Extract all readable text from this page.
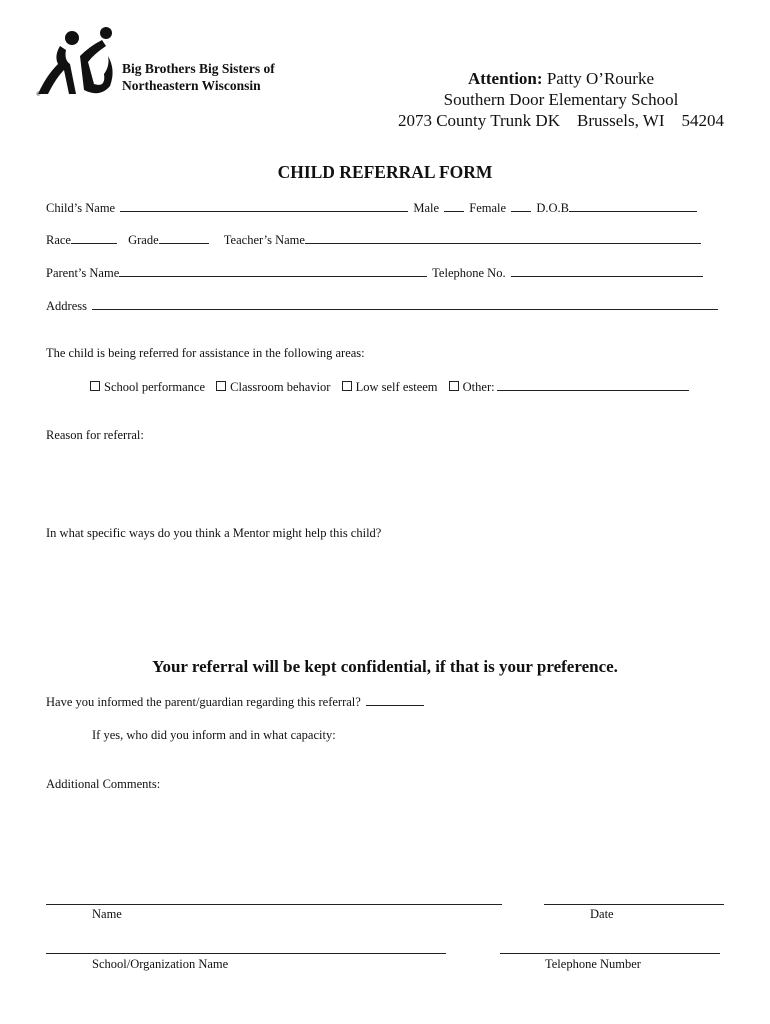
®
Big Brothers Big Sisters of
Northeastern Wisconsin	Attention: Patty O’Rourke
Southern Door Elementary School
2073 County Trunk DK    Brussels, WI    54204
CHILD REFERRAL FORM
Child’s Name	Male Female D.O.B
Race	Grade	Teacher’s Name
Parent’s Name	Telephone No.
Address
The child is being referred for assistance in the following areas:
School performance Classroom behavior Low self esteem Other:
Reason for referral:
In what specific ways do you think a Mentor might help this child?
Your referral will be kept confidential, if that is your preference.
Have you informed the parent/guardian regarding this referral?
If yes, who did you inform and in what capacity:
Additional Comments:
Name	Date
School/Organization Name	Telephone Number
